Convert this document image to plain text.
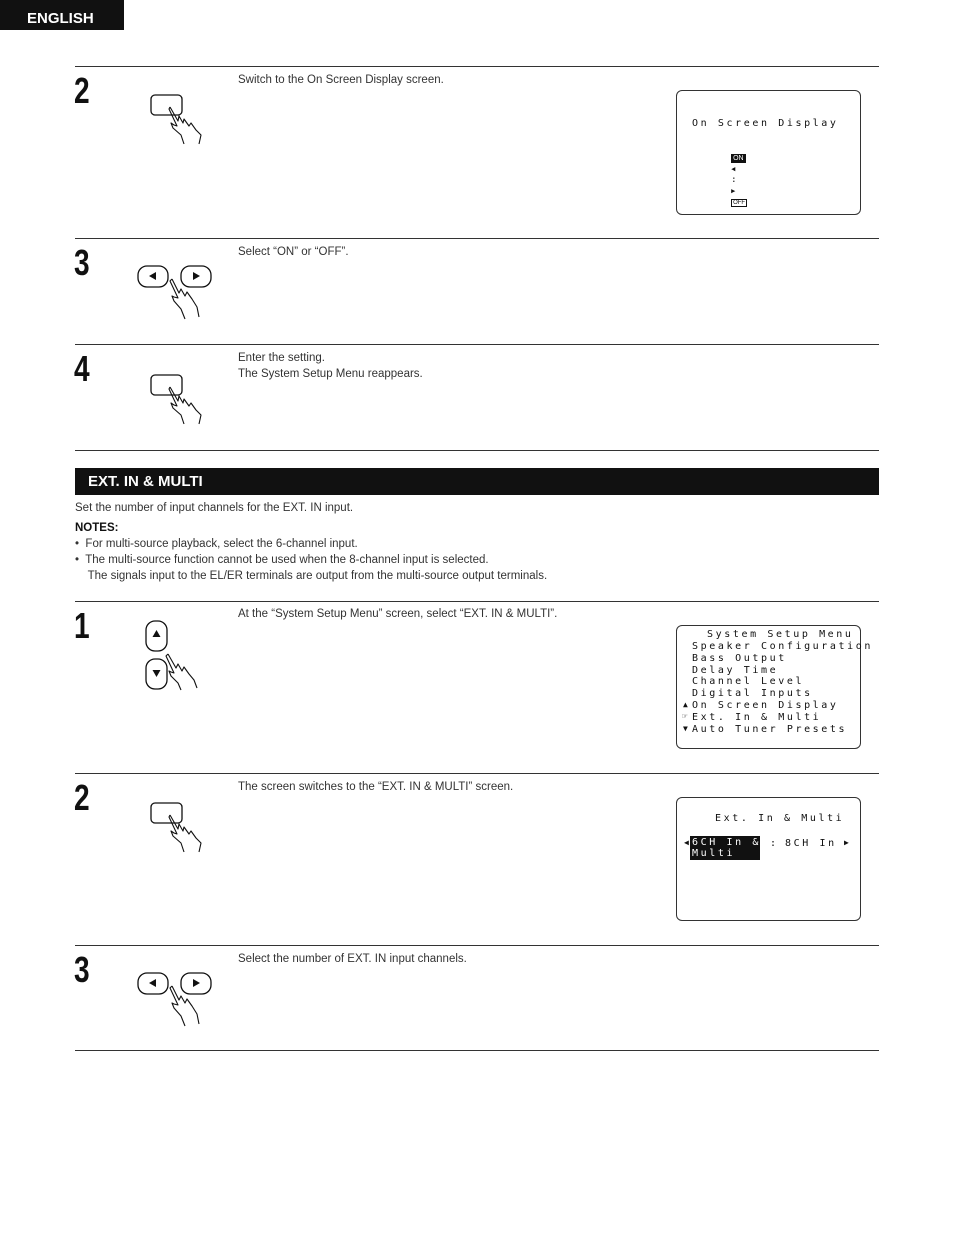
ENGLISH
2	Switch to the On Screen Display screen.
On Screen Display

ON
◀
:
▶
OFF

3	Select “ON” or “OFF”.
4	Enter the setting.
The System Setup Menu reappears.
EXT. IN & MULTI
Set the number of input channels for the EXT. IN input.
NOTES:
•  For multi-source playback, select the 6-channel input.
•  The multi-source function cannot be used when the 8-channel input is selected.
The signals input to the EL/ER terminals are output from the multi-source output terminals.
1	At the “System Setup Menu” screen, select “EXT. IN & MULTI”.
System Setup Menu
Speaker Configuration
Bass Output
Delay Time
Channel Level
Digital Inputs
▲ On Screen Display
☞ Ext. In & Multi
▼ Auto Tuner Presets
2	The screen switches to the “EXT. IN & MULTI” screen.
Ext. In & Multi
◀

6CH In &

Multi

: 8CH In ▶
3	Select the number of EXT. IN input channels.
